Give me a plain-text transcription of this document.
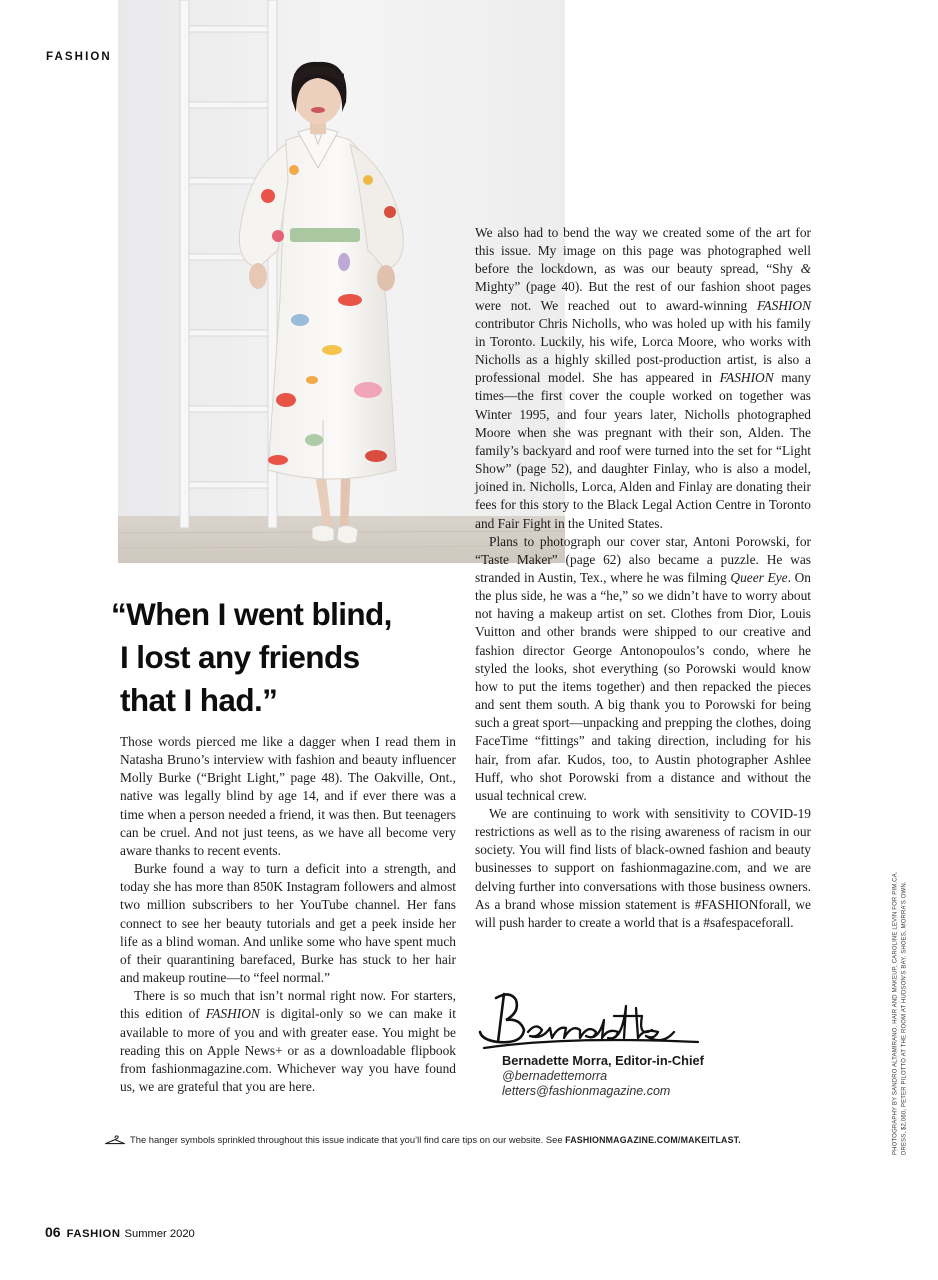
FASHION
“When I went blind,
I lost any friends
that I had.”

Those words pierced me like a dagger when I read them in Natasha Bruno’s interview with fashion and beauty influencer Molly Burke (“Bright Light,” page 48). The Oakville, Ont., native was legally blind by age 14, and if ever there was a time when a person needed a friend, it was then. But teenagers can be cruel. And not just teens, as we have all become very aware thanks to recent events.

Burke found a way to turn a deficit into a strength, and today she has more than 850K Instagram followers and almost two million subscribers to her YouTube channel. Her fans connect to see her beauty tutorials and get a peek inside her life as a blind woman. And unlike some who have spent much of their quarantining barefaced, Burke has stuck to her hair and makeup routine—to “feel normal.”

There is so much that isn’t normal right now. For starters, this edition of FASHION is digital-only so we can make it available to more of you and with greater ease. You might be reading this on Apple News+ or as a downloadable flipbook from fashionmagazine.com. Whichever way you have found us, we are grateful that you are here.

We also had to bend the way we created some of the art for this issue. My image on this page was photographed well before the lockdown, as was our beauty spread, “Shy & Mighty” (page 40). But the rest of our fashion shoot pages were not. We reached out to award-winning FASHION contributor Chris Nicholls, who was holed up with his family in Toronto. Luckily, his wife, Lorca Moore, who works with Nicholls as a highly skilled post-production artist, is also a professional model. She has appeared in FASHION many times—the first cover the couple worked on together was Winter 1995, and four years later, Nicholls photographed Moore when she was pregnant with their son, Alden. The family’s backyard and roof were turned into the set for “Light Show” (page 52), and daughter Finlay, who is also a model, joined in. Nicholls, Lorca, Alden and Finlay are donating their fees for this story to the Black Legal Action Centre in Toronto and Fair Fight in the United States.

Plans to photograph our cover star, Antoni Porowski, for “Taste Maker” (page 62) also became a puzzle. He was stranded in Austin, Tex., where he was filming Queer Eye. On the plus side, he was a “he,” so we didn’t have to worry about not having a makeup artist on set. Clothes from Dior, Louis Vuitton and other brands were shipped to our creative and fashion director George Antonopoulos’s condo, where he styled the looks, shot everything (so Porowski would know how to put the items together) and then repacked the pieces and sent them south. A big thank you to Porowski for being such a great sport—unpacking and prepping the clothes, doing FaceTime “fittings” and taking direction, including for his hair, from afar. Kudos, too, to Austin photographer Ashlee Huff, who shot Porowski from a distance and without the usual technical crew.

We are continuing to work with sensitivity to COVID-19 restrictions as well as to the rising awareness of racism in our society. You will find lists of black-owned fashion and beauty businesses to support on fashionmagazine.com, and we are delving further into conversations with those business owners. As a brand whose mission statement is #FASHIONforall, we will push harder to create a world that is a #safespaceforall.

Bernadette Morra, Editor-in-Chief
@bernadettemorra
letters@fashionmagazine.com
The hanger symbols sprinkled throughout this issue indicate that you’ll find care tips on our website. See FASHIONMAGAZINE.COM/MAKEITLAST.
06 FASHION Summer 2020
PHOTOGRAPHY BY SANDRO ALTAMIRANO. HAIR AND MAKEUP, CAROLINE LEVIN FOR PIM.CA. DRESS, $2,060, PETER PILOTTO AT THE ROOM AT HUDSON’S BAY. SHOES, MORRA’S OWN.
